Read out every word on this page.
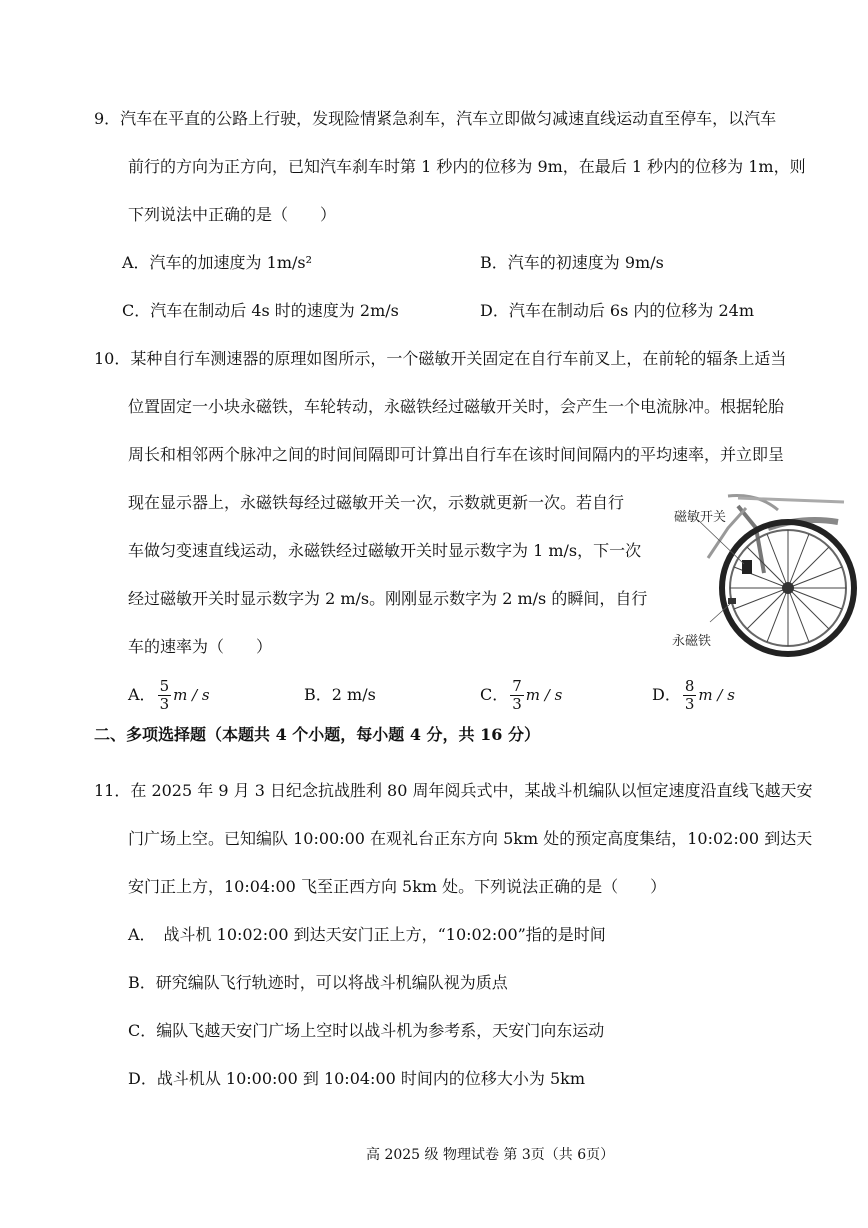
9．汽车在平直的公路上行驶，发现险情紧急刹车，汽车立即做匀减速直线运动直至停车，以汽车
前行的方向为正方向，已知汽车刹车时第 1 秒内的位移为 9m，在最后 1 秒内的位移为 1m，则
下列说法中正确的是（　　）
A．汽车的加速度为 1m/s²	B．汽车的初速度为 9m/s
C．汽车在制动后 4s 时的速度为 2m/s	D．汽车在制动后 6s 内的位移为 24m
10．某种自行车测速器的原理如图所示，一个磁敏开关固定在自行车前叉上，在前轮的辐条上适当
位置固定一小块永磁铁，车轮转动，永磁铁经过磁敏开关时，会产生一个电流脉冲。根据轮胎
周长和相邻两个脉冲之间的时间间隔即可计算出自行车在该时间间隔内的平均速率，并立即呈
现在显示器上，永磁铁每经过磁敏开关一次，示数就更新一次。若自行
车做匀变速直线运动，永磁铁经过磁敏开关时显示数字为 1 m/s，下一次
经过磁敏开关时显示数字为 2 m/s。刚刚显示数字为 2 m/s 的瞬间，自行
车的速率为（　　）
A． $\frac{5}{3}$ m / s	B．2 m/s	C． $\frac{7}{3}$ m / s	D． $\frac{8}{3}$ m / s
磁敏开关
永磁铁
二、多项选择题（本题共 4 个小题，每小题 4 分，共 16 分）
11．在 2025 年 9 月 3 日纪念抗战胜利 80 周年阅兵式中，某战斗机编队以恒定速度沿直线飞越天安
门广场上空。已知编队 10:00:00 在观礼台正东方向 5km 处的预定高度集结，10:02:00 到达天
安门正上方，10:04:00 飞至正西方向 5km 处。下列说法正确的是（　　）
A．　战斗机 10:02:00 到达天安门正上方，“10:02:00”指的是时间
B．研究编队飞行轨迹时，可以将战斗机编队视为质点
C．编队飞越天安门广场上空时以战斗机为参考系，天安门向东运动
D．战斗机从 10:00:00 到 10:04:00 时间内的位移大小为 5km
高 2025 级 物理试卷 第 3页（共 6页）
